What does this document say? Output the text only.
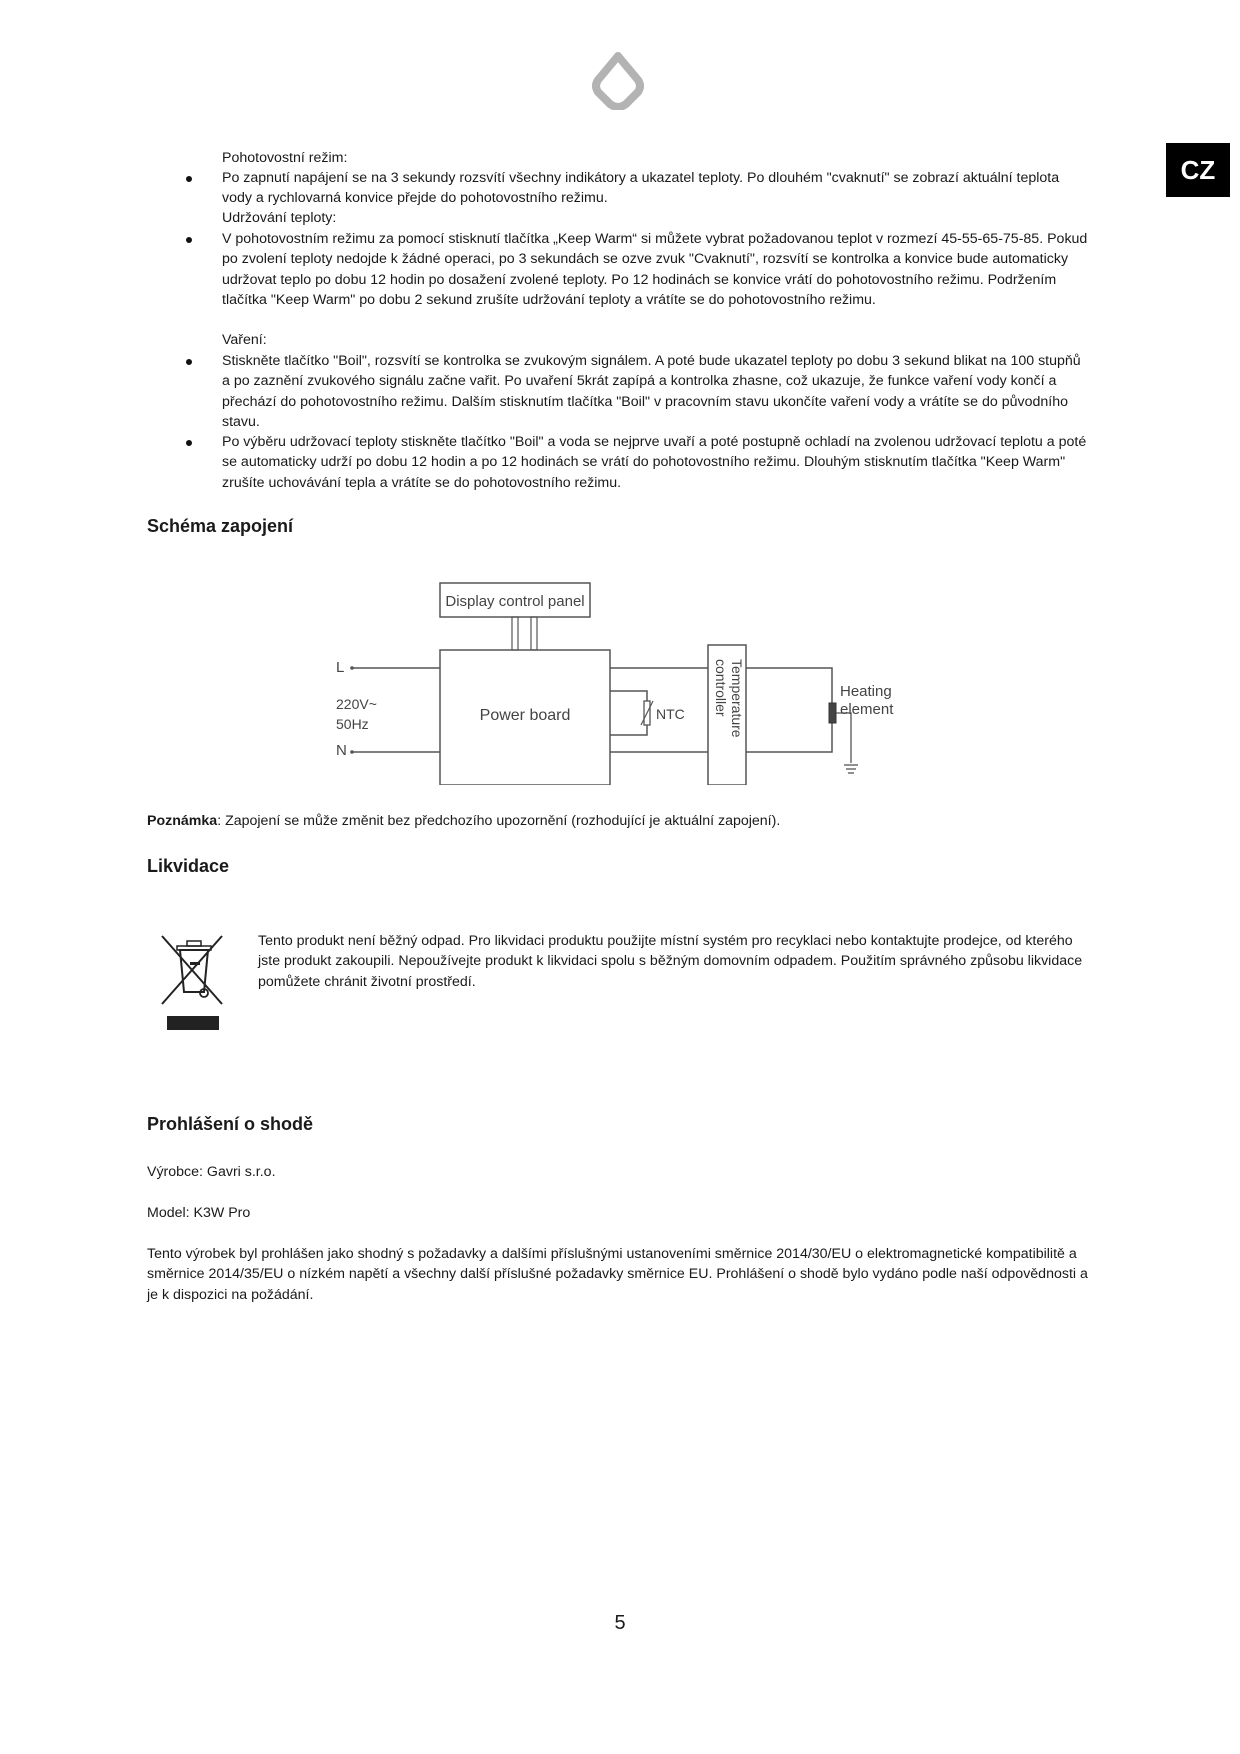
CZ
Pohotovostní režim:
Po zapnutí napájení se na 3 sekundy rozsvítí všechny indikátory a ukazatel teploty. Po dlouhém "cvaknutí" se zobrazí aktuální teplota vody a rychlovarná konvice přejde do pohotovostního režimu.
Udržování teploty:
V pohotovostním režimu za pomocí stisknutí tlačítka „Keep Warm“ si můžete vybrat požadovanou teplot v rozmezí 45-55-65-75-85. Pokud po zvolení teploty nedojde k žádné operaci, po 3 sekundách se ozve zvuk "Cvaknutí", rozsvítí se kontrolka a konvice bude automaticky udržovat teplo po dobu 12 hodin po dosažení zvolené teploty. Po 12 hodinách se konvice vrátí do pohotovostního režimu. Podržením tlačítka "Keep Warm" po dobu 2 sekund zrušíte udržování teploty a vrátíte se do pohotovostního režimu.
Vaření:
Stiskněte tlačítko "Boil", rozsvítí se kontrolka se zvukovým signálem. A poté bude ukazatel teploty po dobu 3 sekund blikat na 100 stupňů a po zaznění zvukového signálu začne vařit. Po uvaření 5krát zapípá a kontrolka zhasne, což ukazuje, že funkce vaření vody končí a přechází do pohotovostního režimu. Dalším stisknutím tlačítka "Boil" v pracovním stavu ukončíte vaření vody a vrátíte se do původního stavu.
Po výběru udržovací teploty stiskněte tlačítko "Boil" a voda se nejprve uvaří a poté postupně ochladí na zvolenou udržovací teplotu a poté se automaticky udrží po dobu 12 hodin a po 12 hodinách se vrátí do pohotovostního režimu. Dlouhým stisknutím tlačítka "Keep Warm" zrušíte uchovávání tepla a vrátíte se do pohotovostního režimu.
Schéma zapojení
Display control panel
Power board
L
220V~
50Hz
N
NTC	Temperature
controller	Heating
element
Poznámka: Zapojení se může změnit bez předchozího upozornění (rozhodující je aktuální zapojení).
Likvidace
Tento produkt není běžný odpad. Pro likvidaci produktu použijte místní systém pro recyklaci nebo kontaktujte prodejce, od kterého jste produkt zakoupili. Nepoužívejte produkt k likvidaci spolu s běžným domovním odpadem. Použitím správného způsobu likvidace pomůžete chránit životní prostředí.
Prohlášení o shodě
Výrobce: Gavri s.r.o.
Model: K3W Pro
Tento výrobek byl prohlášen jako shodný s požadavky a dalšími příslušnými ustanoveními směrnice 2014/30/EU o elektromagnetické kompatibilitě a směrnice 2014/35/EU o nízkém napětí a všechny další příslušné požadavky směrnice EU. Prohlášení o shodě bylo vydáno podle naší odpovědnosti a je k dispozici na požádání.
5
